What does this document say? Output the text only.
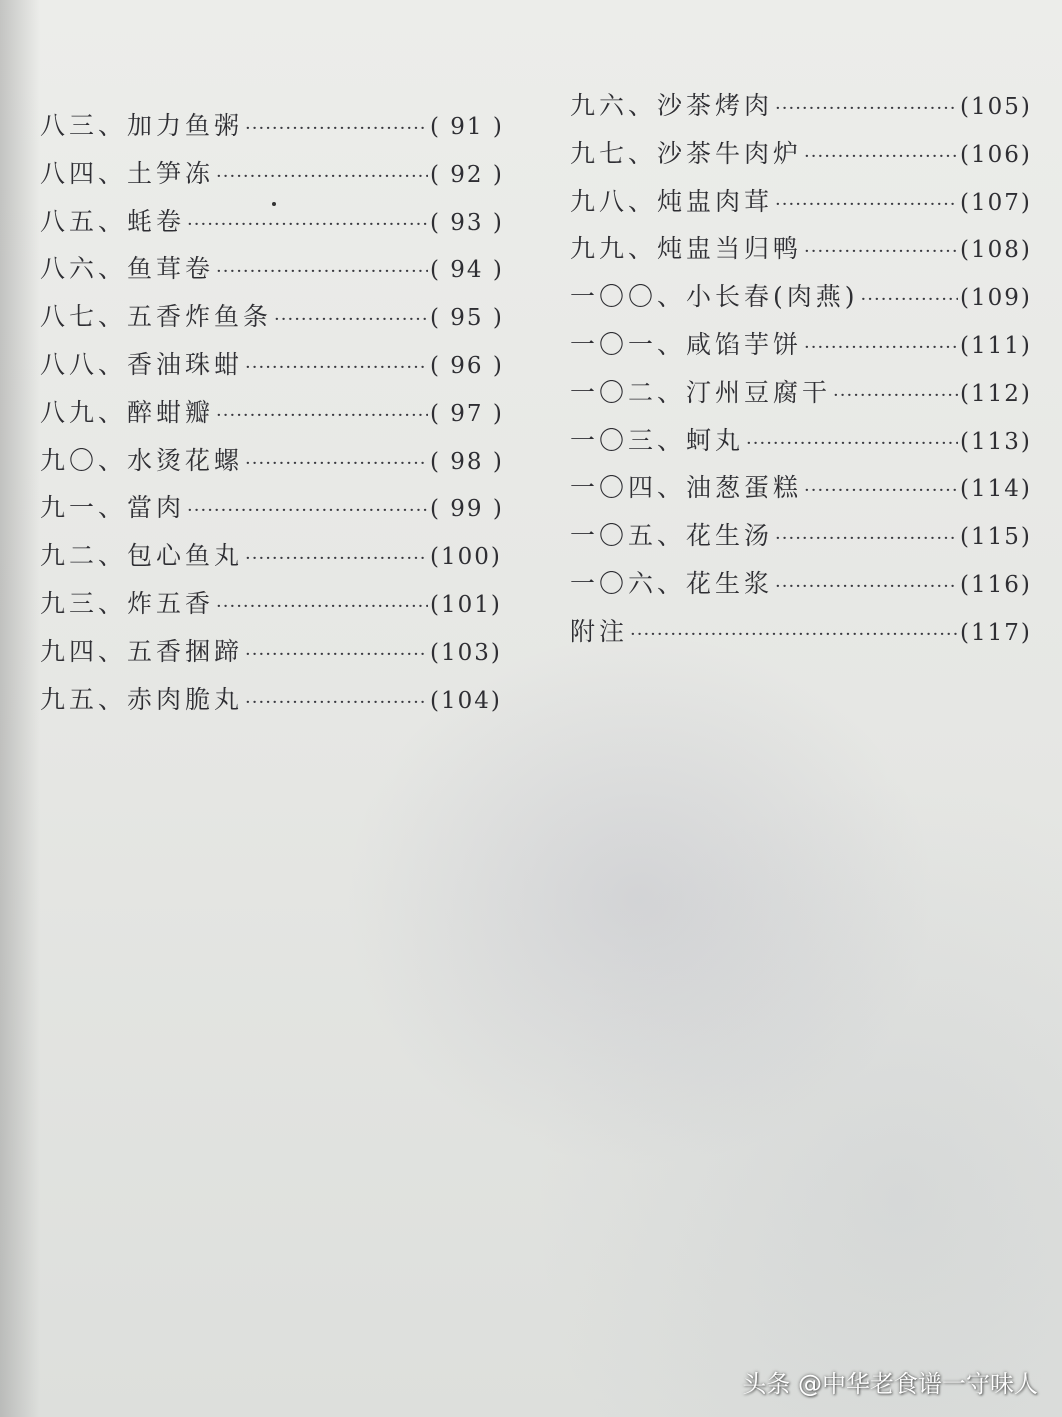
八三、 加力鱼粥 ·····	( 91 )
八四、 土笋冻 ·····	( 92 )
八五、 蚝卷 ·····	( 93 )
八六、 鱼茸卷 ·····	( 94 )
八七、 五香炸鱼条 ·····	( 95 )
八八、 香油珠蚶 ·····	( 96 )
八九、 醉蚶瓣 ·····	( 97 )
九〇、 水烫花螺 ·····	( 98 )
九一、 當肉 ·····	( 99 )
九二、 包心鱼丸 ·····	(100)
九三、 炸五香 ·····	(101)
九四、 五香捆蹄 ·····	(103)
九五、 赤肉脆丸 ·····	(104)
九六、 沙茶烤肉 ·····	(105)
九七、 沙茶牛肉炉 ·····	(106)
九八、 炖盅肉茸 ·····	(107)
九九、 炖盅当归鸭 ·····	(108)
一〇〇、 小长春(肉燕) ·····	(109)
一〇一、 咸馅芋饼 ·····	(111)
一〇二、 汀州豆腐干 ·····	(112)
一〇三、 蚵丸 ·····	(113)
一〇四、 油葱蛋糕 ·····	(114)
一〇五、 花生汤 ·····	(115)
一〇六、 花生浆 ·····	(116)
附注 ·····	(117)
头条 @中华老食谱一守味人
